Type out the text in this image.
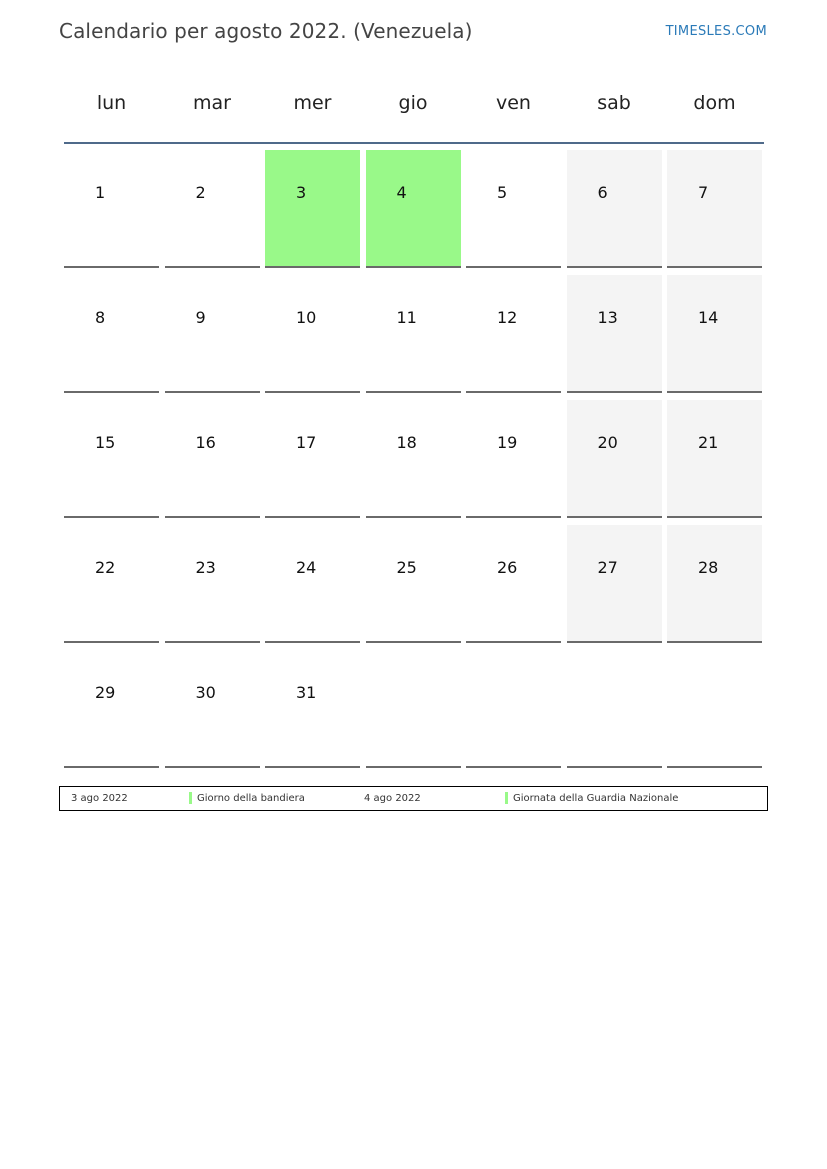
Calendario per agosto 2022. (Venezuela)	TIMESLES.COM
lun	mar	mer	gio	ven	sab	dom
1	2	3	4	5	6	7
8	9	10	11	12	13	14
15	16	17	18	19	20	21
22	23	24	25	26	27	28
29	30	31
3 ago 2022	Giorno della bandiera	4 ago 2022	Giornata della Guardia Nazionale
